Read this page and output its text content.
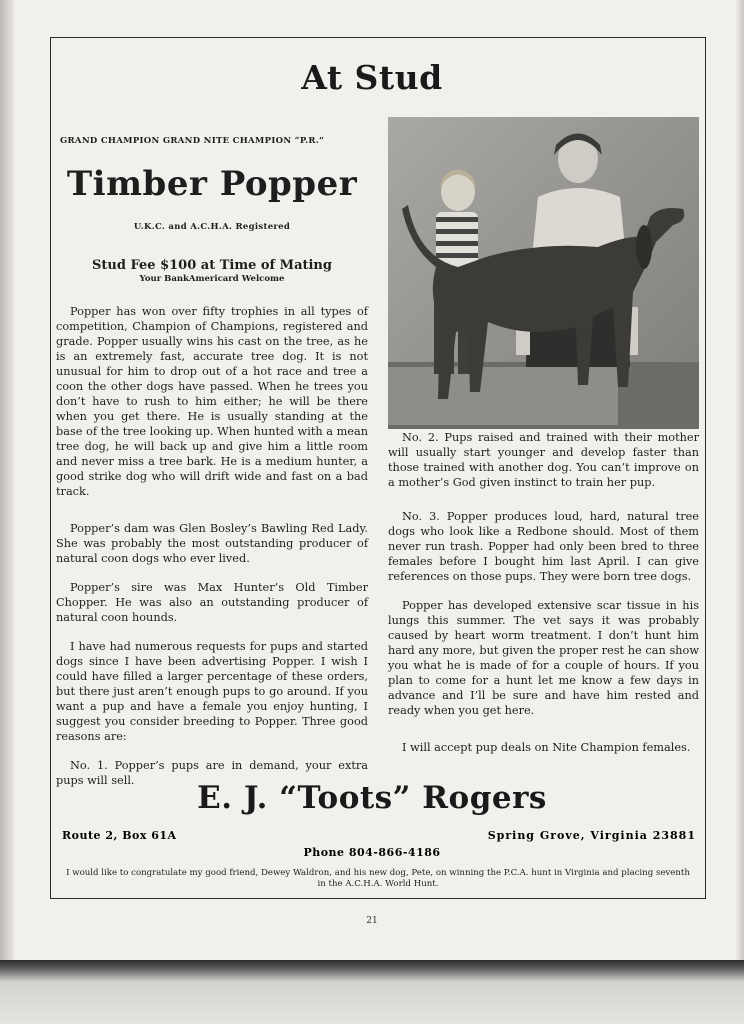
At Stud
GRAND CHAMPION GRAND NITE CHAMPION “P.R.”
Timber Popper
U.K.C. and A.C.H.A. Registered
Stud Fee $100 at Time of Mating
Your BankAmericard Welcome

Popper has won over fifty trophies in all types of competition, Champion of Champions, registered and grade. Popper usually wins his cast on the tree, as he is an extremely fast, accurate tree dog. It is not unusual for him to drop out of a hot race and tree a coon the other dogs have passed. When he trees you don’t have to rush to him either; he will be there when you get there. He is usually standing at the base of the tree looking up. When hunted with a mean tree dog, he will back up and give him a little room and never miss a tree bark. He is a medium hunter, a good strike dog who will drift wide and fast on a bad track.

Popper’s dam was Glen Bosley’s Bawling Red Lady. She was probably the most outstanding producer of natural coon dogs who ever lived.

Popper’s sire was Max Hunter’s Old Timber Chopper. He was also an outstanding producer of natural coon hounds.

I have had numerous requests for pups and started dogs since I have been advertising Popper. I wish I could have filled a larger percentage of these orders, but there just aren’t enough pups to go around. If you want a pup and have a female you enjoy hunting, I suggest you consider breeding to Popper. Three good reasons are:

No. 1. Popper’s pups are in demand, your extra pups will sell.

No. 2. Pups raised and trained with their mother will usually start younger and develop faster than those trained with another dog. You can’t improve on a mother’s God given instinct to train her pup.

No. 3. Popper produces loud, hard, natural tree dogs who look like a Redbone should. Most of them never run trash. Popper had only been bred to three females before I bought him last April. I can give references on those pups. They were born tree dogs.

Popper has developed extensive scar tissue in his lungs this summer. The vet says it was probably caused by heart worm treatment. I don’t hunt him hard any more, but given the proper rest he can show you what he is made of for a couple of hours. If you plan to come for a hunt let me know a few days in advance and I’ll be sure and have him rested and ready when you get here.

I will accept pup deals on Nite Champion females.

E. J. “Toots” Rogers
Route 2, Box 61A	Spring Grove, Virginia 23881
Phone 804-866-4186
I would like to congratulate my good friend, Dewey Waldron, and his new dog, Pete, on winning the P.C.A. hunt in Virginia and placing seventh in the A.C.H.A. World Hunt.
21
